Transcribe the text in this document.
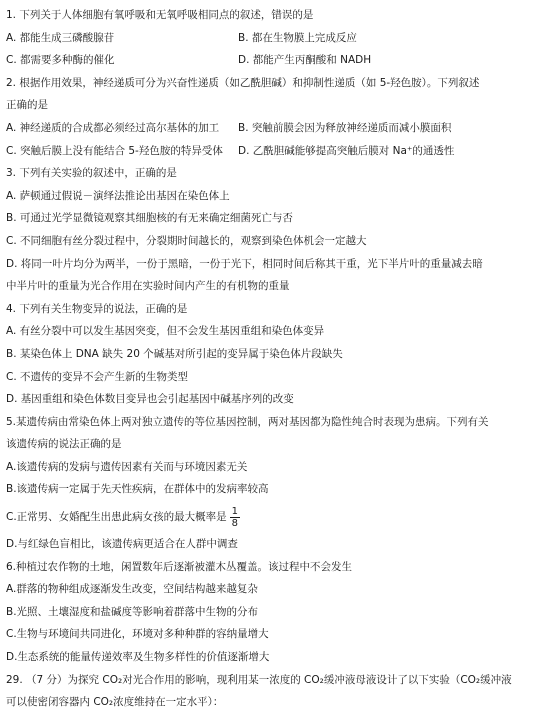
1. 下列关于人体细胞有氧呼吸和无氧呼吸相同点的叙述，错误的是
A. 都能生成三磷酸腺苷	B. 都在生物膜上完成反应
C. 都需要多种酶的催化	D. 都能产生丙酮酸和 NADH
2. 根据作用效果，神经递质可分为兴奋性递质（如乙酰胆碱）和抑制性递质（如 5-羟色胺）。下列叙述
正确的是
A. 神经递质的合成都必须经过高尔基体的加工	B. 突触前膜会因为释放神经递质而减小膜面积
C. 突触后膜上没有能结合 5-羟色胺的特异受体	D. 乙酰胆碱能够提高突触后膜对 Na⁺的通透性
3. 下列有关实验的叙述中，正确的是
A. 萨顿通过假说－演绎法推论出基因在染色体上
B. 可通过光学显微镜观察其细胞核的有无来确定细菌死亡与否
C. 不同细胞有丝分裂过程中，分裂期时间越长的，观察到染色体机会一定越大
D. 将同一叶片均分为两半，一份于黑暗，一份于光下，相同时间后称其干重，光下半片叶的重量减去暗
中半片叶的重量为光合作用在实验时间内产生的有机物的重量
4. 下列有关生物变异的说法，正确的是
A. 有丝分裂中可以发生基因突变，但不会发生基因重组和染色体变异
B. 某染色体上 DNA 缺失 20 个碱基对所引起的变异属于染色体片段缺失
C. 不遗传的变异不会产生新的生物类型
D. 基因重组和染色体数目变异也会引起基因中碱基序列的改变
5.某遗传病由常染色体上两对独立遗传的等位基因控制，两对基因都为隐性纯合时表现为患病。下列有关
该遗传病的说法正确的是
A.该遗传病的发病与遗传因素有关而与环境因素无关
B.该遗传病一定属于先天性疾病，在群体中的发病率较高
C.正常男、女婚配生出患此病女孩的最大概率是 $\frac{1}{8}$
D.与红绿色盲相比，该遗传病更适合在人群中调查
6.种植过农作物的土地，闲置数年后逐渐被灌木丛覆盖。该过程中不会发生
A.群落的物种组成逐渐发生改变，空间结构越来越复杂
B.光照、土壤湿度和盐碱度等影响着群落中生物的分布
C.生物与环境间共同进化，环境对多种种群的容纳量增大
D.生态系统的能量传递效率及生物多样性的价值逐渐增大
29. （7 分）为探究 CO₂对光合作用的影响，现利用某一浓度的 CO₂缓冲液母液设计了以下实验（CO₂缓冲液
可以使密闭容器内 CO₂浓度维持在一定水平）：
